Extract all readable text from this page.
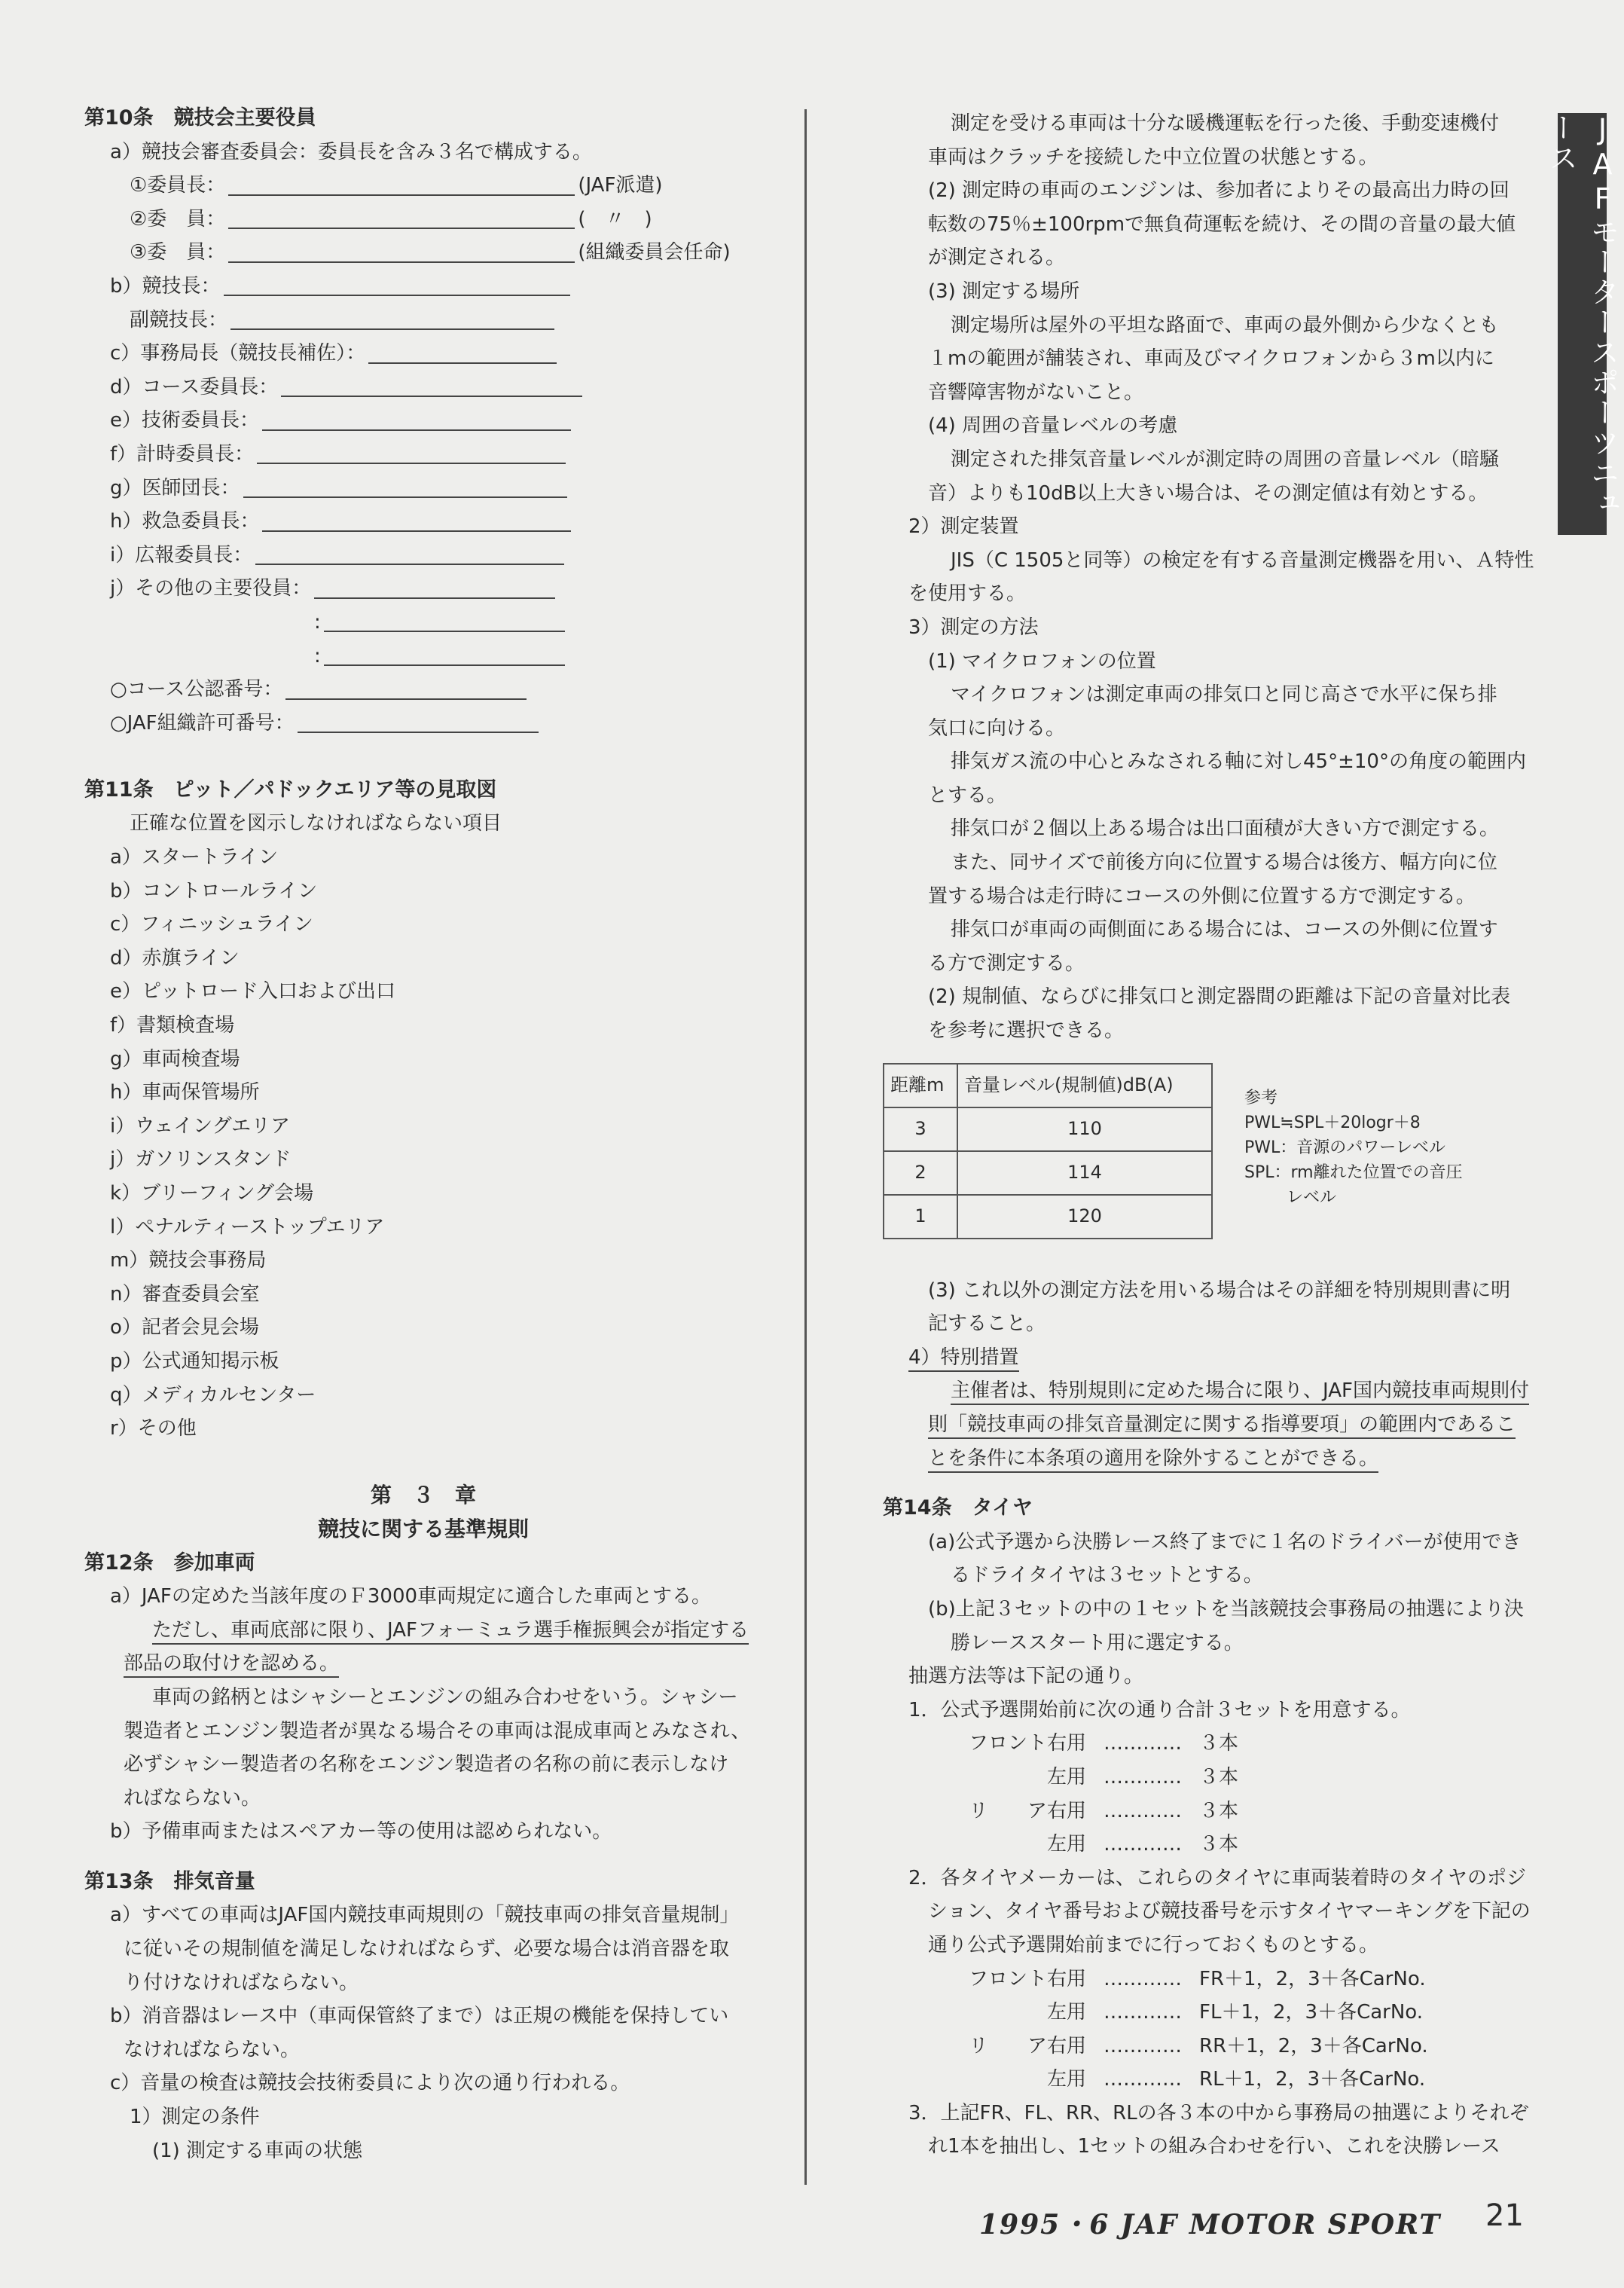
JAFモータースポーツニュース
第10条　競技会主要役員
a）競技会審査委員会：委員長を含み３名で構成する。
①委員長：	(JAF派遣)
②委　員：	(　〃　)
③委　員：	(組織委員会任命)
b）競技長：
副競技長：
c）事務局長（競技長補佐）：
d）コース委員長：
e）技術委員長：
f）計時委員長：
g）医師団長：
h）救急委員長：
i）広報委員長：
j）その他の主要役員：
:
:
○コース公認番号：
○JAF組織許可番号：
第11条　ピット／パドックエリア等の見取図
正確な位置を図示しなければならない項目
a）スタートライン
b）コントロールライン
c）フィニッシュライン
d）赤旗ライン
e）ピットロード入口および出口
f）書類検査場
g）車両検査場
h）車両保管場所
i）ウェイングエリア
j）ガソリンスタンド
k）ブリーフィング会場
l）ペナルティーストップエリア
m）競技会事務局
n）審査委員会室
o）記者会見会場
p）公式通知掲示板
q）メディカルセンター
r）その他
第　３　章
競技に関する基準規則
第12条　参加車両
a）JAFの定めた当該年度のＦ3000車両規定に適合した車両とする。
ただし、車両底部に限り、JAFフォーミュラ選手権振興会が指定する
部品の取付けを認める。
車両の銘柄とはシャシーとエンジンの組み合わせをいう。シャシー
製造者とエンジン製造者が異なる場合その車両は混成車両とみなされ、
必ずシャシー製造者の名称をエンジン製造者の名称の前に表示しなけ
ればならない。
b）予備車両またはスペアカー等の使用は認められない。
第13条　排気音量
a）すべての車両はJAF国内競技車両規則の「競技車両の排気音量規制」
に従いその規制値を満足しなければならず、必要な場合は消音器を取
り付けなければならない。
b）消音器はレース中（車両保管終了まで）は正規の機能を保持してい
なければならない。
c）音量の検査は競技会技術委員により次の通り行われる。
1）測定の条件
(1) 測定する車両の状態
測定を受ける車両は十分な暖機運転を行った後、手動変速機付
車両はクラッチを接続した中立位置の状態とする。
(2) 測定時の車両のエンジンは、参加者によりその最高出力時の回
転数の75％±100rpmで無負荷運転を続け、その間の音量の最大値
が測定される。
(3) 測定する場所
測定場所は屋外の平坦な路面で、車両の最外側から少なくとも
１mの範囲が舗装され、車両及びマイクロフォンから３m以内に
音響障害物がないこと。
(4) 周囲の音量レベルの考慮
測定された排気音量レベルが測定時の周囲の音量レベル（暗騒
音）よりも10dB以上大きい場合は、その測定値は有効とする。
2）測定装置
JIS（C 1505と同等）の検定を有する音量測定機器を用い、Ａ特性
を使用する。
3）測定の方法
(1) マイクロフォンの位置
マイクロフォンは測定車両の排気口と同じ高さで水平に保ち排
気口に向ける。
排気ガス流の中心とみなされる軸に対し45°±10°の角度の範囲内
とする。
排気口が２個以上ある場合は出口面積が大きい方で測定する。
また、同サイズで前後方向に位置する場合は後方、幅方向に位
置する場合は走行時にコースの外側に位置する方で測定する。
排気口が車両の両側面にある場合には、コースの外側に位置す
る方で測定する。
(2) 規制値、ならびに排気口と測定器間の距離は下記の音量対比表
を参考に選択できる。
距離m	音量レベル(規制値)dB(A)
3	110
2	114
1	120
参考
PWL≒SPL＋20logr＋8
PWL：音源のパワーレベル
SPL：rm離れた位置での音圧
レベル
(3) これ以外の測定方法を用いる場合はその詳細を特別規則書に明
記すること。
4）特別措置
主催者は、特別規則に定めた場合に限り、JAF国内競技車両規則付
則「競技車両の排気音量測定に関する指導要項」の範囲内であるこ
とを条件に本条項の適用を除外することができる。
第14条　タイヤ
(a)公式予選から決勝レース終了までに１名のドライバーが使用でき
るドライタイヤは３セットとする。
(b)上記３セットの中の１セットを当該競技会事務局の抽選により決
勝レーススタート用に選定する。
抽選方法等は下記の通り。
1．公式予選開始前に次の通り合計３セットを用意する。
フロント右用 ………… ３本
左用 ………… ３本
リ　　ア右用 ………… ３本
左用 ………… ３本
2．各タイヤメーカーは、これらのタイヤに車両装着時のタイヤのポジ
ション、タイヤ番号および競技番号を示すタイヤマーキングを下記の
通り公式予選開始前までに行っておくものとする。
フロント右用 ………… FR＋1，2，3＋各CarNo.
左用 ………… FL＋1，2，3＋各CarNo.
リ　　ア右用 ………… RR＋1，2，3＋各CarNo.
左用 ………… RL＋1，2，3＋各CarNo.
3．上記FR、FL、RR、RLの各３本の中から事務局の抽選によりそれぞ
れ1本を抽出し、1セットの組み合わせを行い、これを決勝レース
1995・6 JAF MOTOR SPORT 21
